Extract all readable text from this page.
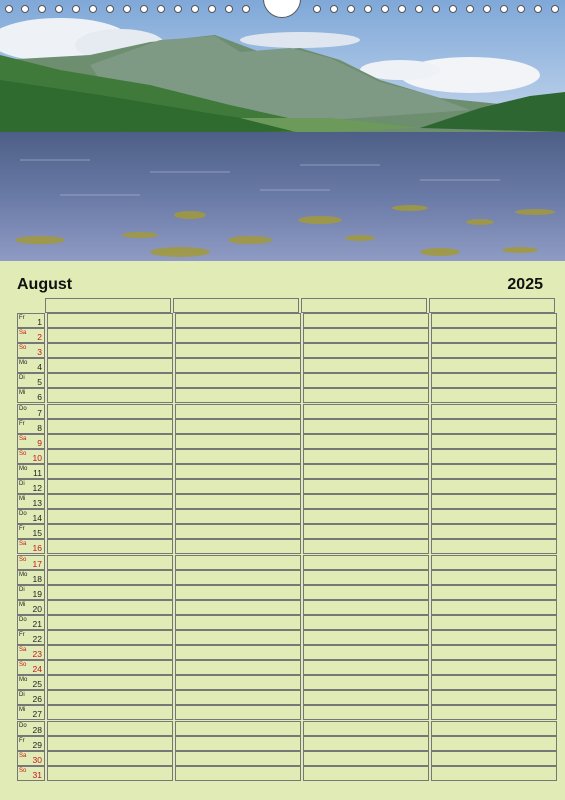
August	2025
Fr 1
Sa 2
So 3
Mo 4
Di 5
Mi 6
Do 7
Fr 8
Sa 9
So 10
Mo 11
Di 12
Mi 13
Do 14
Fr 15
Sa 16
So 17
Mo 18
Di 19
Mi 20
Do 21
Fr 22
Sa 23
So 24
Mo 25
Di 26
Mi 27
Do 28
Fr 29
Sa 30
So 31
